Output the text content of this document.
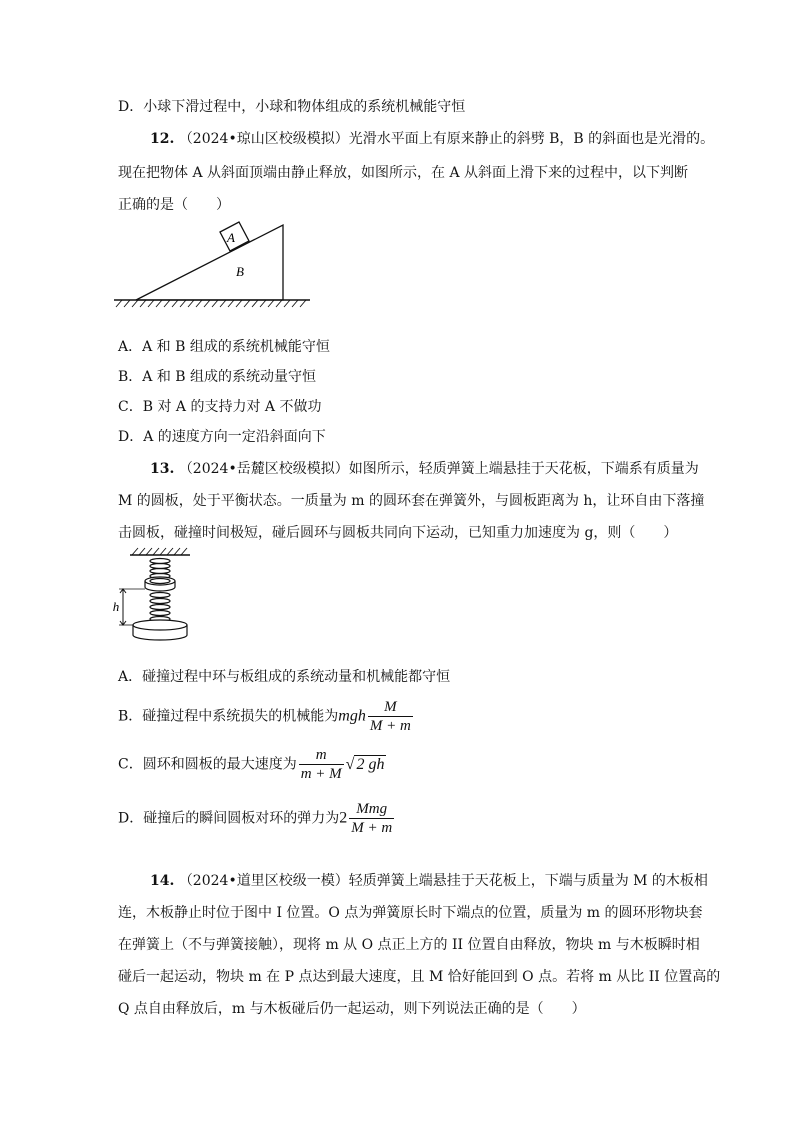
D．小球下滑过程中，小球和物体组成的系统机械能守恒
12. （2024•琼山区校级模拟）光滑水平面上有原来静止的斜劈 B，B 的斜面也是光滑的。
现在把物体 A 从斜面顶端由静止释放，如图所示，在 A 从斜面上滑下来的过程中，以下判断
正确的是（　　）
A
B
A．A 和 B 组成的系统机械能守恒
B．A 和 B 组成的系统动量守恒
C．B 对 A 的支持力对 A 不做功
D．A 的速度方向一定沿斜面向下
13. （2024•岳麓区校级模拟）如图所示，轻质弹簧上端悬挂于天花板，下端系有质量为
M 的圆板，处于平衡状态。一质量为 m 的圆环套在弹簧外，与圆板距离为 h，让环自由下落撞
击圆板，碰撞时间极短，碰后圆环与圆板共同向下运动，已知重力加速度为 g，则（　　）
h
A．碰撞过程中环与板组成的系统动量和机械能都守恒
B．碰撞过程中系统损失的机械能为mgh $\frac{M}{M + m}$
C．圆环和圆板的最大速度为 $\frac{m}{m + M}$ √ 2 gh
D．碰撞后的瞬间圆板对环的弹力为$2 \frac{\text{Mmg}}{M + m}$
14. （2024•道里区校级一模）轻质弹簧上端悬挂于天花板上，下端与质量为 M 的木板相
连，木板静止时位于图中 I 位置。O 点为弹簧原长时下端点的位置，质量为 m 的圆环形物块套
在弹簧上（不与弹簧接触），现将 m 从 O 点正上方的 II 位置自由释放，物块 m 与木板瞬时相
碰后一起运动，物块 m 在 P 点达到最大速度，且 M 恰好能回到 O 点。若将 m 从比 II 位置高的
Q 点自由释放后，m 与木板碰后仍一起运动，则下列说法正确的是（　　）
